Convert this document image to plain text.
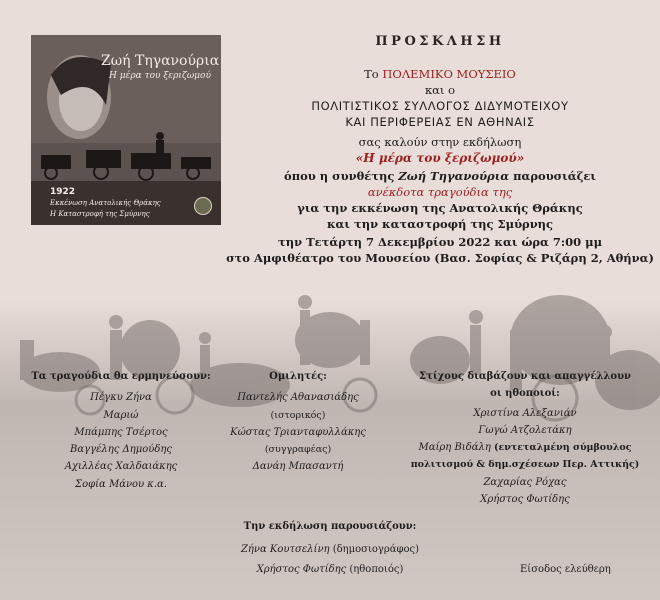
Ζωή Τηγανούρια
Η μέρα του ξεριζωμού
1922
Εκκένωση Ανατολικής Θράκης
Η Καταστροφή της Σμύρνης
ΠΡΟΣΚΛΗΣΗ
Το ΠΟΛΕΜΙΚΟ ΜΟΥΣΕΙΟ
και ο
ΠΟΛΙΤΙΣΤΙΚΟΣ ΣΥΛΛΟΓΟΣ ΔΙΔΥΜΟΤΕΙΧΟΥ
ΚΑΙ ΠΕΡΙΦΕΡΕΙΑΣ ΕΝ ΑΘΗΝΑΙΣ
σας καλούν στην εκδήλωση
«Η μέρα του ξεριζωμού»
όπου η συνθέτης Ζωή Τηγανούρια παρουσιάζει
ανέκδοτα τραγούδια της
για την εκκένωση της Ανατολικής Θράκης
και την καταστροφή της Σμύρνης
την Τετάρτη 7 Δεκεμβρίου 2022 και ώρα 7:00 μμ
στο Αμφιθέατρο του Μουσείου (Βασ. Σοφίας & Ριζάρη 2, Αθήνα)
Τα τραγούδια θα ερμηνεύσουν:
Πέγκυ Ζήνα
Μαριώ
Μπάμπης Τσέρτος
Βαγγέλης Δημούδης
Αχιλλέας Χαλδαιάκης
Σοφία Μάνου κ.α.
Ομιλητές:
Παντελής Αθανασιάδης
(ιστορικός)
Κώστας Τριανταφυλλάκης
(συγγραφέας)
Δανάη Μπασαντή
Στίχους διαβάζουν και απαγγέλλουν
οι ηθοποιοί:
Χριστίνα Αλεξανιάν
Γωγώ Ατζολετάκη
Μαίρη Βιδάλη (εντεταλμένη σύμβουλος
πολιτισμού & δημ.σχέσεων Περ. Αττικής)
Ζαχαρίας Ρόχας
Χρήστος Φωτίδης
Την εκδήλωση παρουσιάζουν:
Ζήνα Κουτσελίνη (δημοσιογράφος)
Χρήστος Φωτίδης (ηθοποιός)	Είσοδος ελεύθερη
